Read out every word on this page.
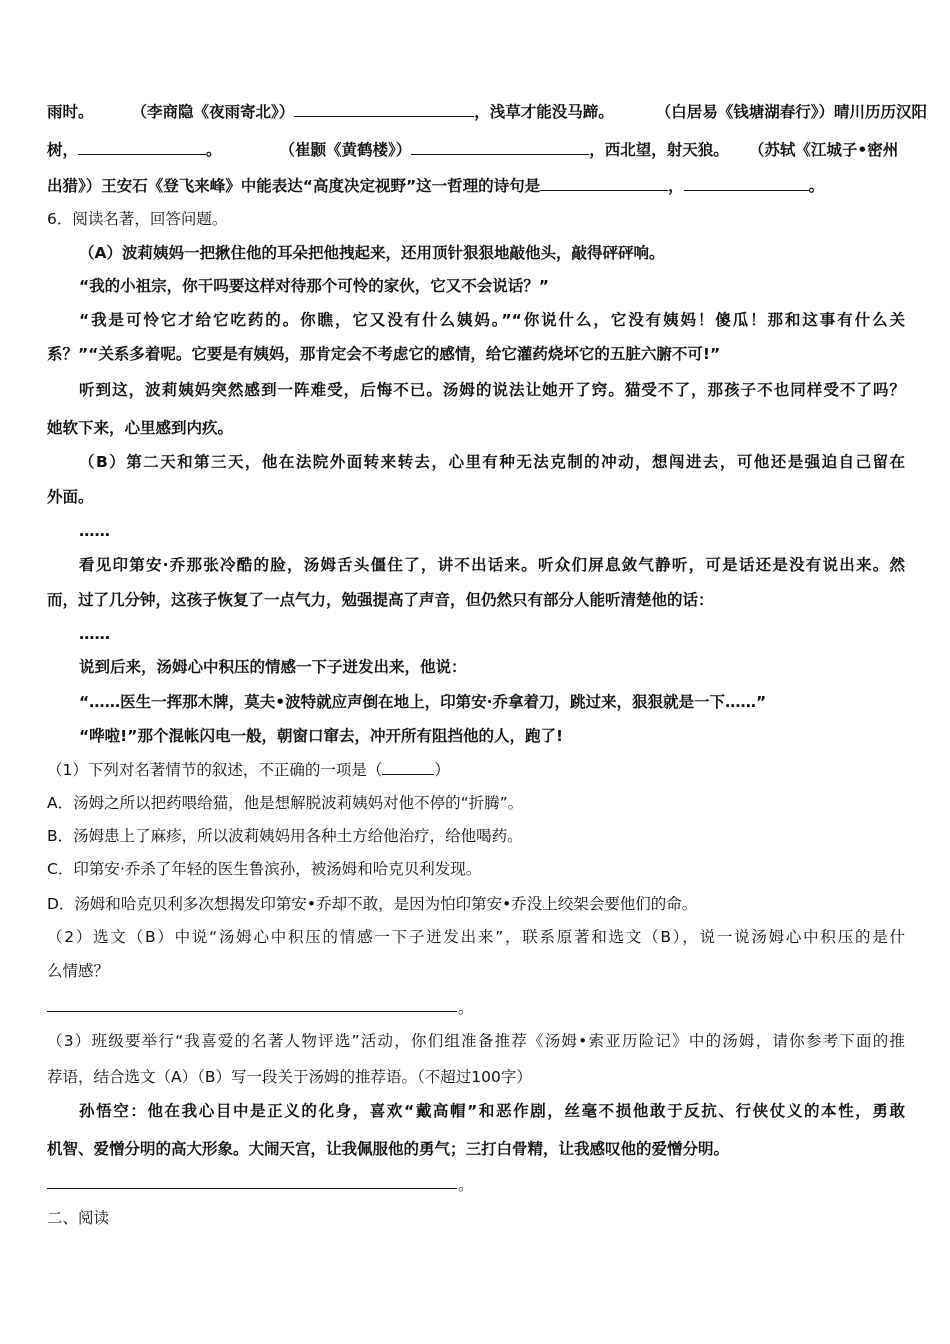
雨时。 （李商隐《夜雨寄北》）	，浅草才能没马蹄。	（白居易《钱塘湖春行》）晴川历历汉阳
树，	。	（崔颢《黄鹤楼》）	，西北望，射天狼。 （苏轼《江城子•密州
出猎》）王安石《登飞来峰》中能表达“高度决定视野”这一哲理的诗句是	，	。
6．阅读名著，回答问题。
（A）波莉姨妈一把揪住他的耳朵把他拽起来，还用顶针狠狠地敲他头，敲得砰砰响。
“我的小祖宗，你干吗要这样对待那个可怜的家伙，它又不会说话？”
“我是可怜它才给它吃药的。你瞧，它又没有什么姨妈。”“你说什么，它没有姨妈！傻瓜！那和这事有什么关
系？”“关系多着呢。它要是有姨妈，那肯定会不考虑它的感情，给它灌药烧坏它的五脏六腑不可!”
听到这，波莉姨妈突然感到一阵难受，后悔不已。汤姆的说法让她开了窍。猫受不了，那孩子不也同样受不了吗？
她软下来，心里感到内疚。
（B）第二天和第三天，他在法院外面转来转去，心里有种无法克制的冲动，想闯进去，可他还是强迫自己留在
外面。
……
看见印第安·乔那张冷酷的脸，汤姆舌头僵住了，讲不出话来。听众们屏息敛气静听，可是话还是没有说出来。然
而，过了几分钟，这孩子恢复了一点气力，勉强提高了声音，但仍然只有部分人能听清楚他的话：
……
说到后来，汤姆心中积压的情感一下子迸发出来，他说：
“……医生一挥那木牌，莫夫•波特就应声倒在地上，印第安·乔拿着刀，跳过来，狠狠就是一下……”
“哗啦!”那个混帐闪电一般，朝窗口窜去，冲开所有阻挡他的人，跑了!
（1）下列对名著情节的叙述，不正确的一项是（	）
A．汤姆之所以把药喂给猫，他是想解脱波莉姨妈对他不停的“折腾”。
B．汤姆患上了麻疹，所以波莉姨妈用各种土方给他治疗，给他喝药。
C．印第安·乔杀了年轻的医生鲁滨孙，被汤姆和哈克贝利发现。
D．汤姆和哈克贝利多次想揭发印第安•乔却不敢，是因为怕印第安•乔没上绞架会要他们的命。
（2）选文（B）中说“汤姆心中积压的情感一下子迸发出来”，联系原著和选文（B），说一说汤姆心中积压的是什
么情感？
。
（3）班级要举行“我喜爱的名著人物评选”活动，你们组准备推荐《汤姆•索亚历险记》中的汤姆，请你参考下面的推
荐语，结合选文（A）（B）写一段关于汤姆的推荐语。（不超过100字）
孙悟空：他在我心目中是正义的化身，喜欢“戴高帽”和恶作剧，丝毫不损他敢于反抗、行侠仗义的本性，勇敢
机智、爱憎分明的高大形象。大闹天宫，让我佩服他的勇气；三打白骨精，让我感叹他的爱憎分明。
。
二、阅读
